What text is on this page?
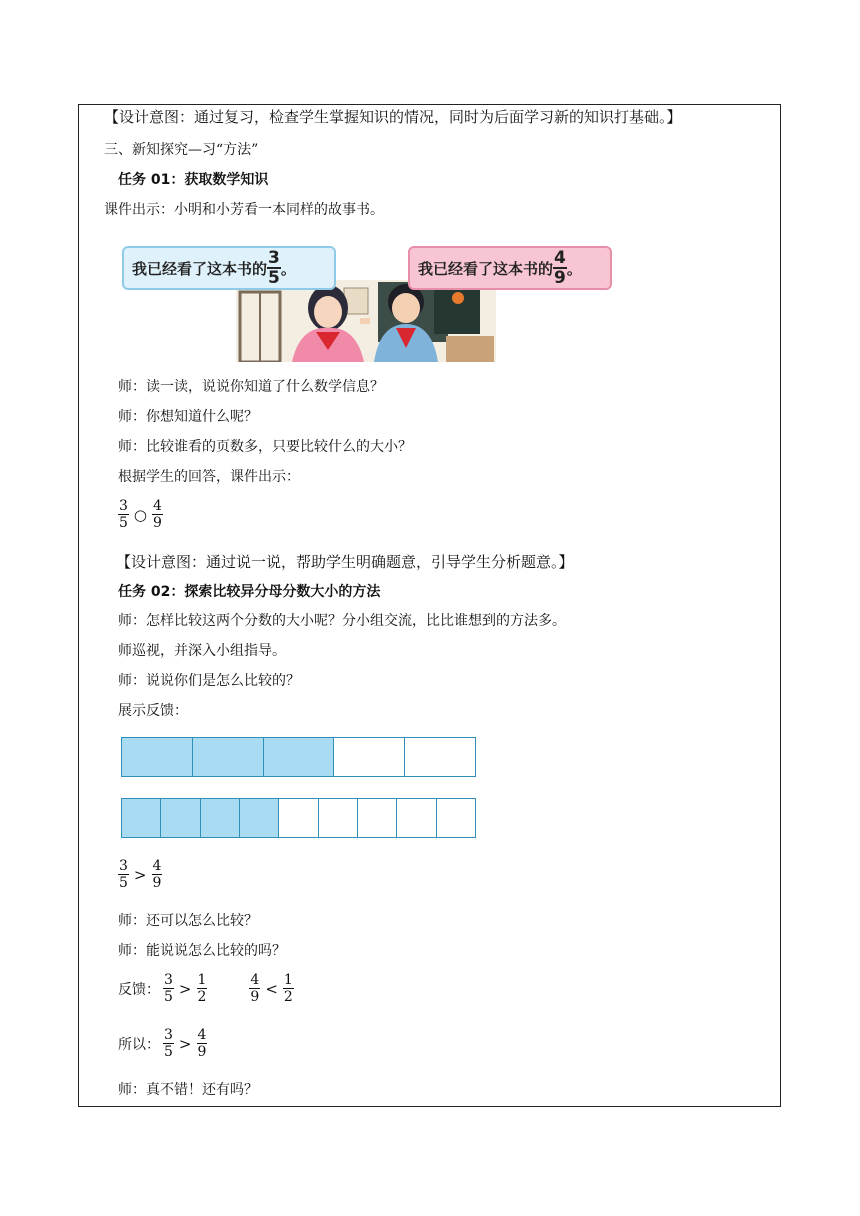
【设计意图：通过复习，检查学生掌握知识的情况，同时为后面学习新的知识打基础。】
三、新知探究—习“方法”
任务 01：获取数学知识
课件出示：小明和小芳看一本同样的故事书。
我已经看了这本书的 $\frac{3}{5}$ 。	我已经看了这本书的 $\frac{4}{9}$ 。
师：读一读，说说你知道了什么数学信息？
师：你想知道什么呢？
师：比较谁看的页数多，只要比较什么的大小？
根据学生的回答，课件出示：
$\frac{3}{5}$ ○ $\frac{4}{9}$
【设计意图：通过说一说，帮助学生明确题意，引导学生分析题意。】
任务 02：探索比较异分母分数大小的方法
师：怎样比较这两个分数的大小呢？分小组交流，比比谁想到的方法多。
师巡视，并深入小组指导。
师：说说你们是怎么比较的？
展示反馈：
$\frac{3}{5} > \frac{4}{9}$
师：还可以怎么比较？
师：能说说怎么比较的吗？
反馈： $\frac{3}{5} > \frac{1}{2}$	$\frac{4}{9} < \frac{1}{2}$
所以： $\frac{3}{5} > \frac{4}{9}$
师：真不错！还有吗？
